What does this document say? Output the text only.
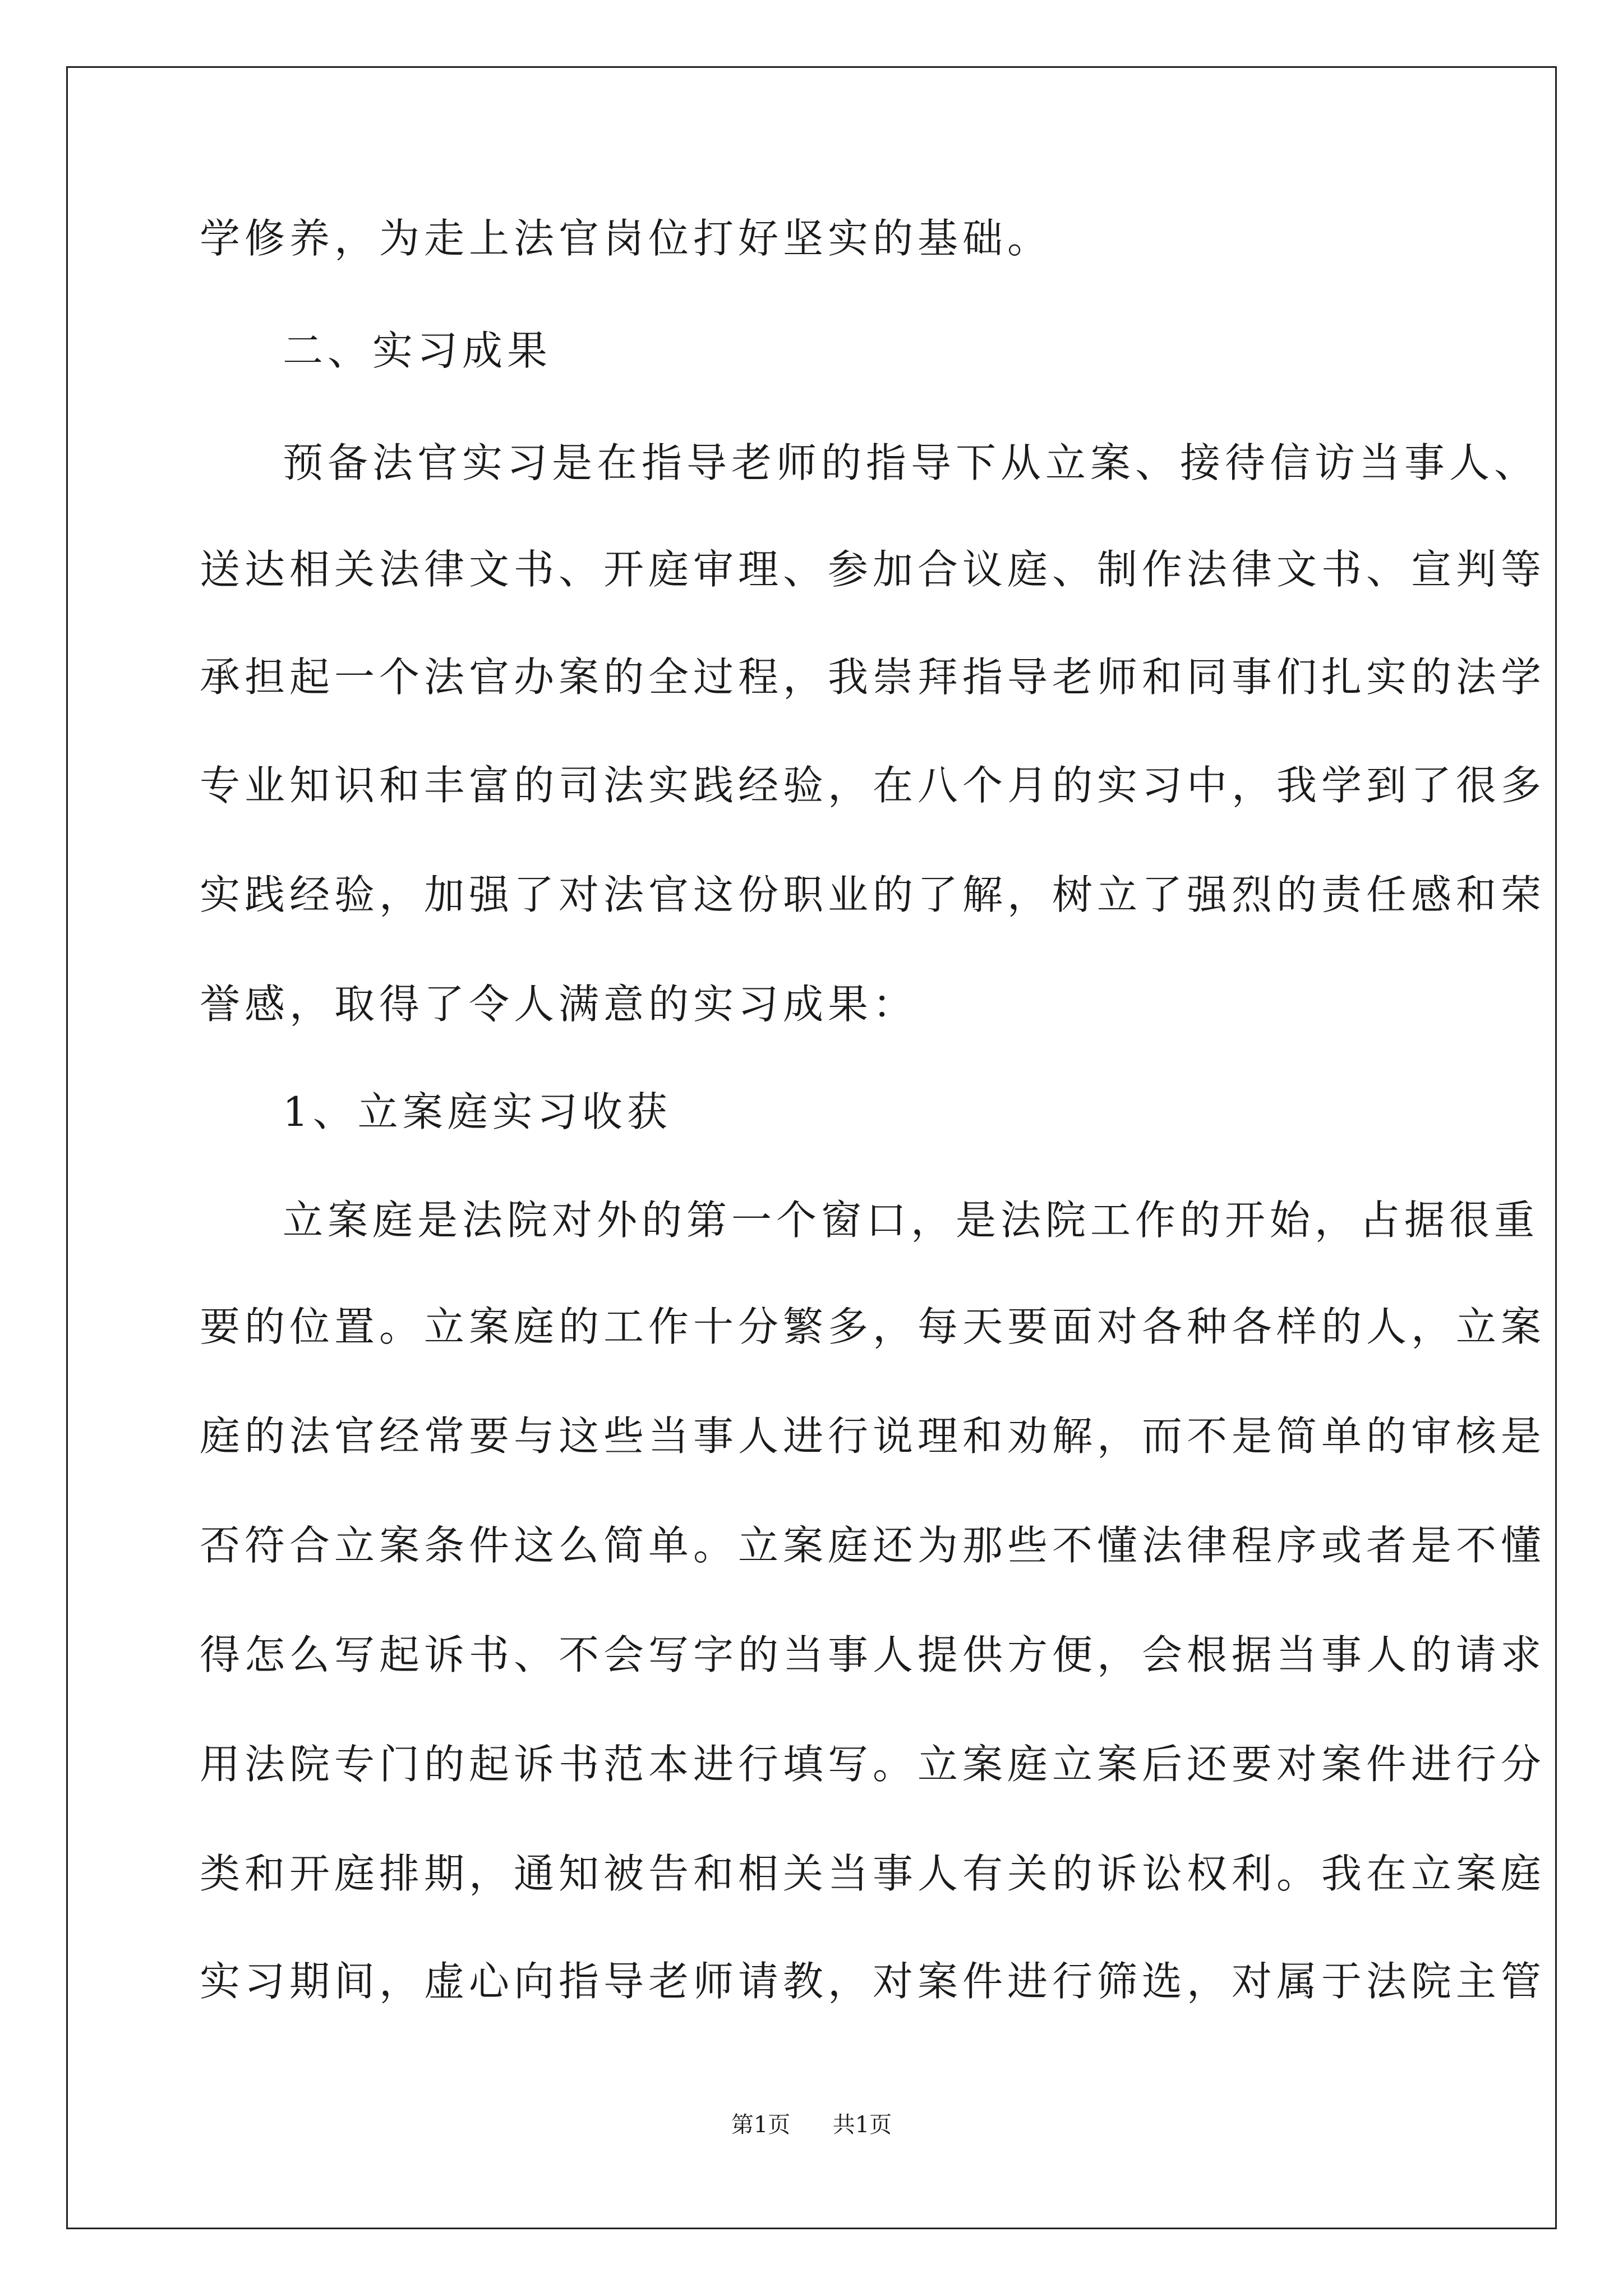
学修养，为走上法官岗位打好坚实的基础。
二、实习成果
预备法官实习是在指导老师的指导下从立案、接待信访当事人、
送达相关法律文书、开庭审理、参加合议庭、制作法律文书、宣判等
承担起一个法官办案的全过程，我崇拜指导老师和同事们扎实的法学
专业知识和丰富的司法实践经验，在八个月的实习中，我学到了很多
实践经验，加强了对法官这份职业的了解，树立了强烈的责任感和荣
誉感，取得了令人满意的实习成果：
1、立案庭实习收获
立案庭是法院对外的第一个窗口，是法院工作的开始，占据很重
要的位置。立案庭的工作十分繁多，每天要面对各种各样的人，立案
庭的法官经常要与这些当事人进行说理和劝解，而不是简单的审核是
否符合立案条件这么简单。立案庭还为那些不懂法律程序或者是不懂
得怎么写起诉书、不会写字的当事人提供方便，会根据当事人的请求
用法院专门的起诉书范本进行填写。立案庭立案后还要对案件进行分
类和开庭排期，通知被告和相关当事人有关的诉讼权利。我在立案庭
实习期间，虚心向指导老师请教，对案件进行筛选，对属于法院主管
第1页 共1页
